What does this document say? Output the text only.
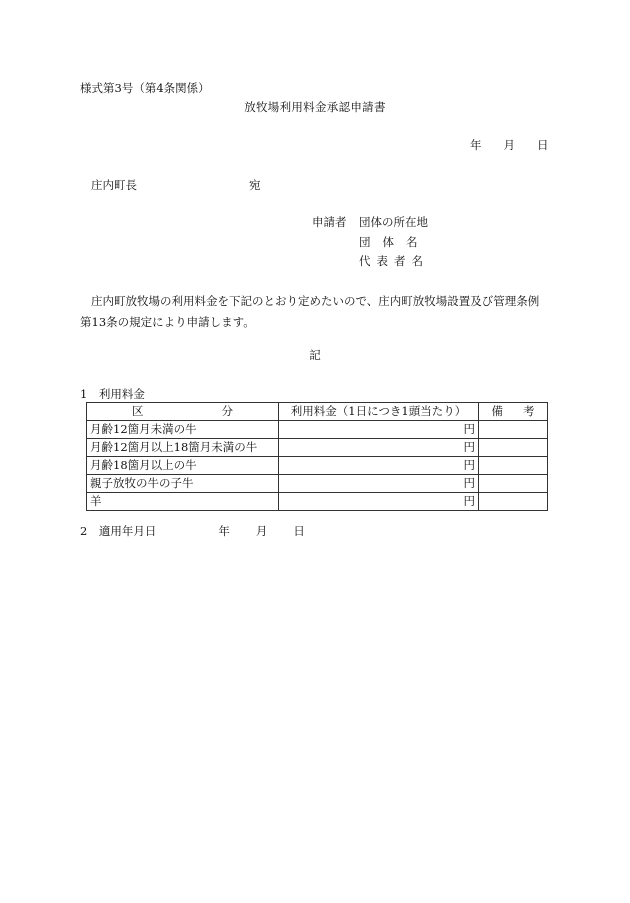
様式第3号（第4条関係）
放牧場利用料金承認申請書
年 月 日
庄内町長	宛
申請者 団体の所在地
団体名
代表者名
庄内町放牧場の利用料金を下記のとおり定めたいので、庄内町放牧場設置及び管理条例第13条の規定により申請します。
記
1　利用料金
区 分	利用料金（1日につき1頭当たり）	備 考
月齢12箇月未満の牛	円	
月齢12箇月以上18箇月未満の牛	円	
月齢18箇月以上の牛	円	
親子放牧の牛の子牛	円	
羊	円	
2　適用年月日	年 月 日
